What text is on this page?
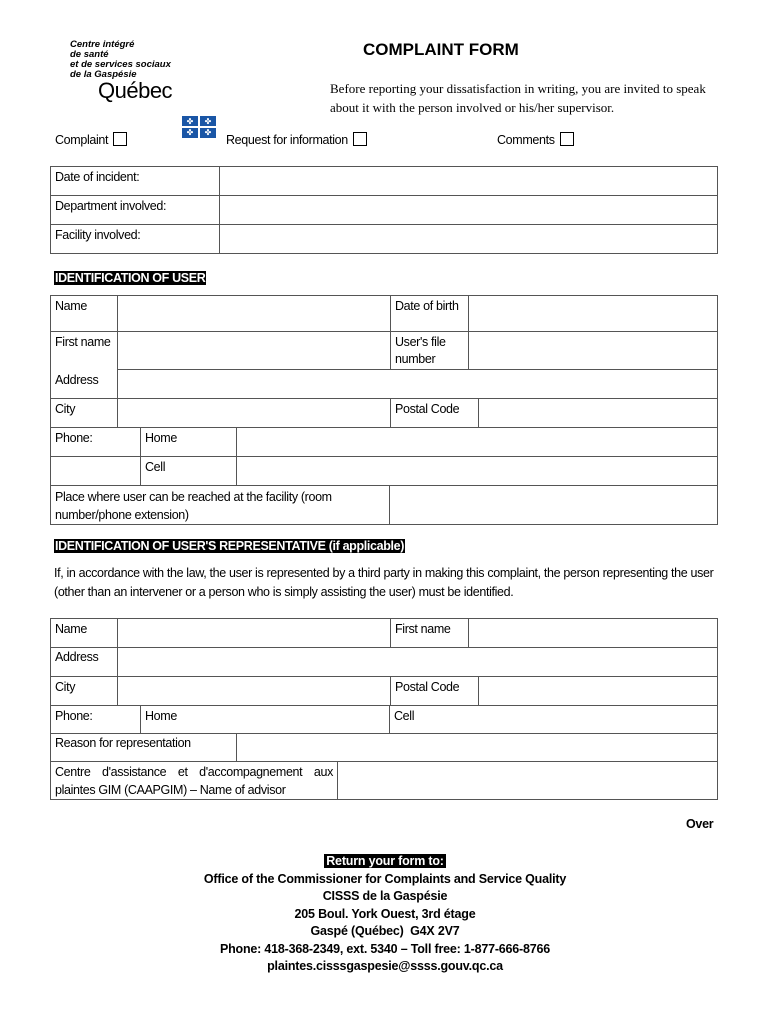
Centre intégré
de santé
et de services sociaux
de la Gaspésie
Québec
✤	✤
✤	✤
COMPLAINT FORM
Before reporting your dissatisfaction in writing, you are invited to speak about it with the person involved or his/her supervisor.
Complaint	Request for information	Comments
Date of incident:	
Department involved:	
Facility involved:	
IDENTIFICATION OF USER
Name		Date of birth	
First name		User's file number	
Address			
City		Postal Code	
Phone:	Home	
	Cell	
Place where user can be reached at the facility (room number/phone extension)	
IDENTIFICATION OF USER'S REPRESENTATIVE (if applicable)
If, in accordance with the law, the user is represented by a third party in making this complaint, the person representing the user (other than an intervener or a person who is simply assisting the user) must be identified.
Name		First name	
Address			
City		Postal Code	
Phone:	Home	Cell
Reason for representation	
Centre d'assistance et d'accompagnement aux plaintes GIM (CAAPGIM) – Name of advisor	
Over
Return your form to:
Office of the Commissioner for Complaints and Service Quality
CISSS de la Gaspésie
205 Boul. York Ouest, 3rd étage
Gaspé (Québec)  G4X 2V7
Phone: 418-368-2349, ext. 5340 – Toll free: 1-877-666-8766
plaintes.cisssgaspesie@ssss.gouv.qc.ca
